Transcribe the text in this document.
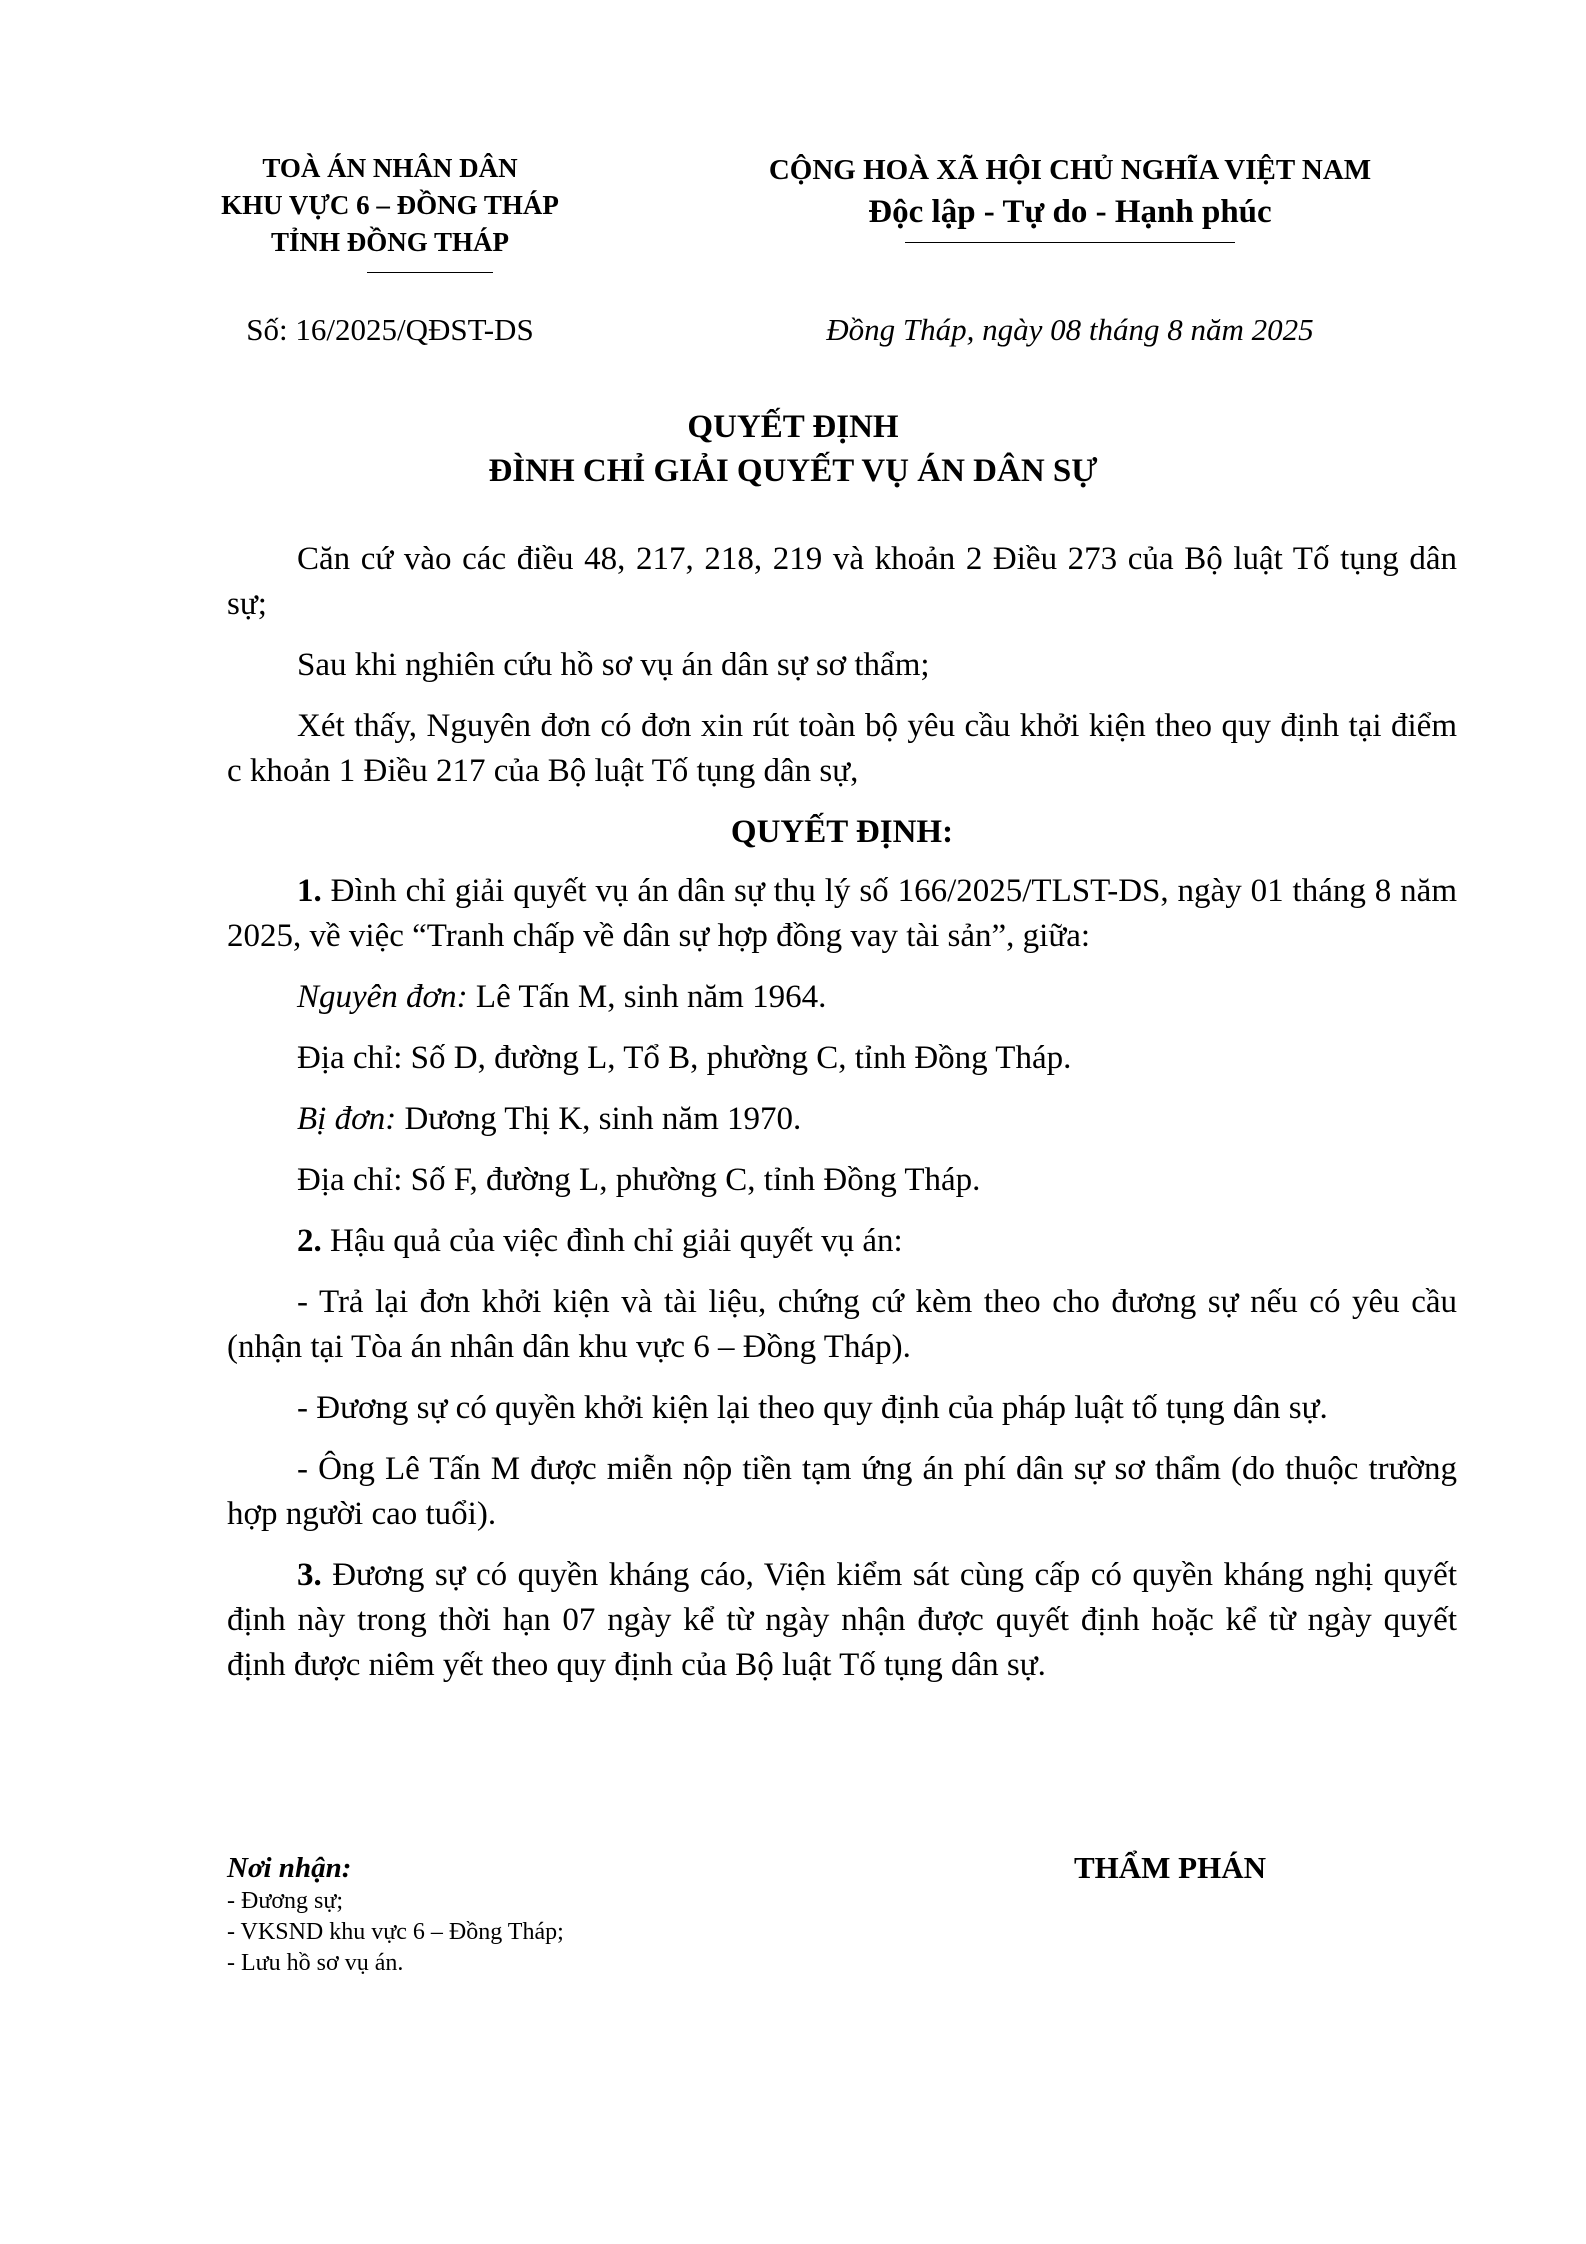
TOÀ ÁN NHÂN DÂN
KHU VỰC 6 – ĐỒNG THÁP
TỈNH ĐỒNG THÁP
CỘNG HOÀ XÃ HỘI CHỦ NGHĨA VIỆT NAM
Độc lập - Tự do - Hạnh phúc
Số: 16/2025/QĐST-DS	Đồng Tháp, ngày 08 tháng 8 năm 2025
QUYẾT ĐỊNH
ĐÌNH CHỈ GIẢI QUYẾT VỤ ÁN DÂN SỰ

Căn cứ vào các điều 48, 217, 218, 219 và khoản 2 Điều 273 của Bộ luật Tố tụng dân sự;

Sau khi nghiên cứu hồ sơ vụ án dân sự sơ thẩm;

Xét thấy, Nguyên đơn có đơn xin rút toàn bộ yêu cầu khởi kiện theo quy định tại điểm c khoản 1 Điều 217 của Bộ luật Tố tụng dân sự,

QUYẾT ĐỊNH:

1. Đình chỉ giải quyết vụ án dân sự thụ lý số 166/2025/TLST-DS, ngày 01 tháng 8 năm 2025, về việc “Tranh chấp về dân sự hợp đồng vay tài sản”, giữa:

Nguyên đơn: Lê Tấn M, sinh năm 1964.

Địa chỉ: Số D, đường L, Tổ B, phường C, tỉnh Đồng Tháp.

Bị đơn: Dương Thị K, sinh năm 1970.

Địa chỉ: Số F, đường L, phường C, tỉnh Đồng Tháp.

2. Hậu quả của việc đình chỉ giải quyết vụ án:

- Trả lại đơn khởi kiện và tài liệu, chứng cứ kèm theo cho đương sự nếu có yêu cầu (nhận tại Tòa án nhân dân khu vực 6 – Đồng Tháp).

- Đương sự có quyền khởi kiện lại theo quy định của pháp luật tố tụng dân sự.

- Ông Lê Tấn M được miễn nộp tiền tạm ứng án phí dân sự sơ thẩm (do thuộc trường hợp người cao tuổi).

3. Đương sự có quyền kháng cáo, Viện kiểm sát cùng cấp có quyền kháng nghị quyết định này trong thời hạn 07 ngày kể từ ngày nhận được quyết định hoặc kể từ ngày quyết định được niêm yết theo quy định của Bộ luật Tố tụng dân sự.

Nơi nhận:
- Đương sự;
- VKSND khu vực 6 – Đồng Tháp;
- Lưu hồ sơ vụ án.
THẨM PHÁN
